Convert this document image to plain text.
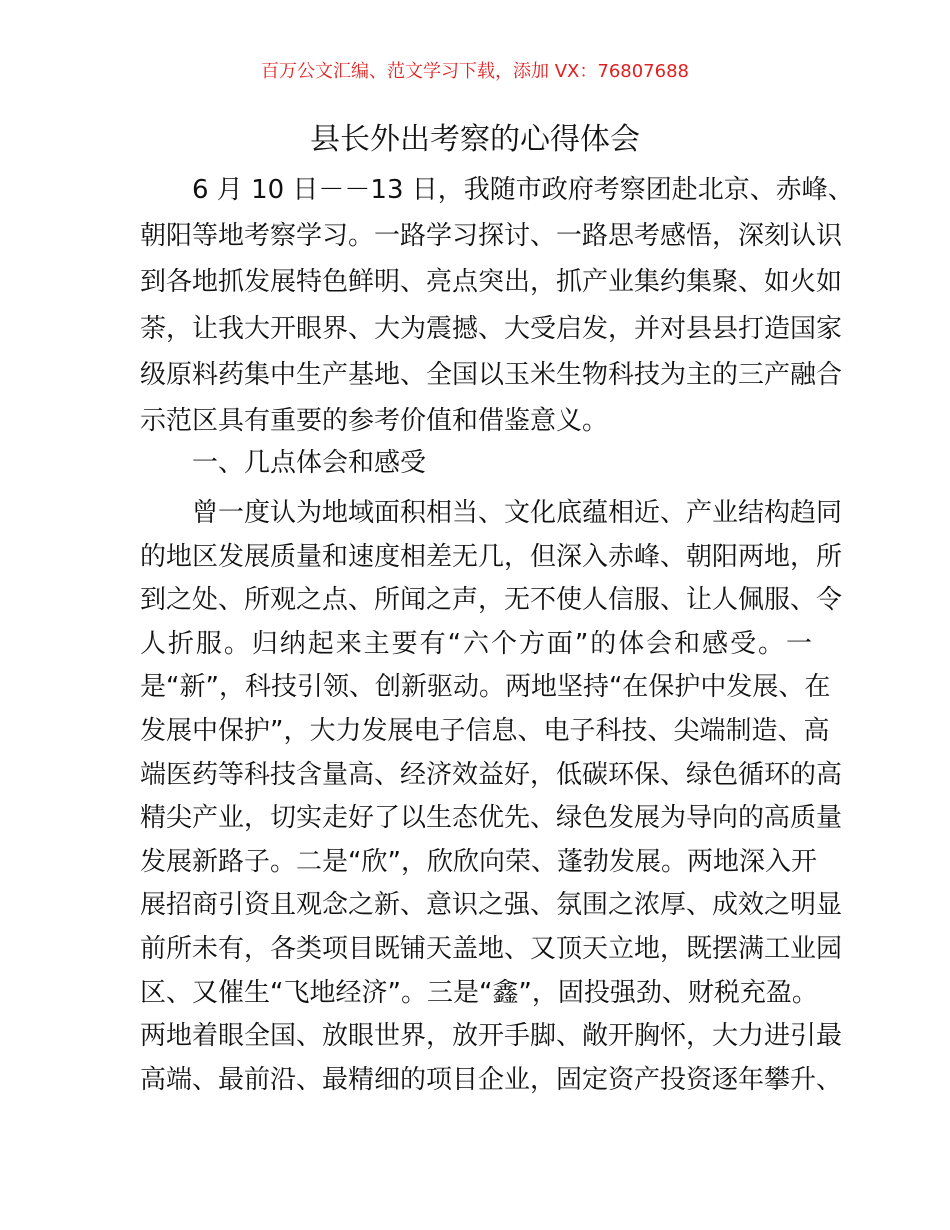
百万公文汇编、范文学习下载，添加 VX：76807688
县长外出考察的心得体会
6 月 10 日－－13 日，我随市政府考察团赴北京、赤峰、
朝阳等地考察学习。一路学习探讨、一路思考感悟，深刻认识
到各地抓发展特色鲜明、亮点突出，抓产业集约集聚、如火如
荼，让我大开眼界、大为震撼、大受启发，并对县县打造国家
级原料药集中生产基地、全国以玉米生物科技为主的三产融合
示范区具有重要的参考价值和借鉴意义。
一、几点体会和感受
曾一度认为地域面积相当、文化底蕴相近、产业结构趋同
的地区发展质量和速度相差无几，但深入赤峰、朝阳两地，所
到之处、所观之点、所闻之声，无不使人信服、让人佩服、令
人折服。归纳起来主要有“六个方面”的体会和感受。一
是“新”，科技引领、创新驱动。两地坚持“在保护中发展、在
发展中保护”，大力发展电子信息、电子科技、尖端制造、高
端医药等科技含量高、经济效益好，低碳环保、绿色循环的高
精尖产业，切实走好了以生态优先、绿色发展为导向的高质量
发展新路子。二是“欣”，欣欣向荣、蓬勃发展。两地深入开
展招商引资且观念之新、意识之强、氛围之浓厚、成效之明显
前所未有，各类项目既铺天盖地、又顶天立地，既摆满工业园
区、又催生“飞地经济”。三是“鑫”，固投强劲、财税充盈。
两地着眼全国、放眼世界，放开手脚、敞开胸怀，大力进引最
高端、最前沿、最精细的项目企业，固定资产投资逐年攀升、
